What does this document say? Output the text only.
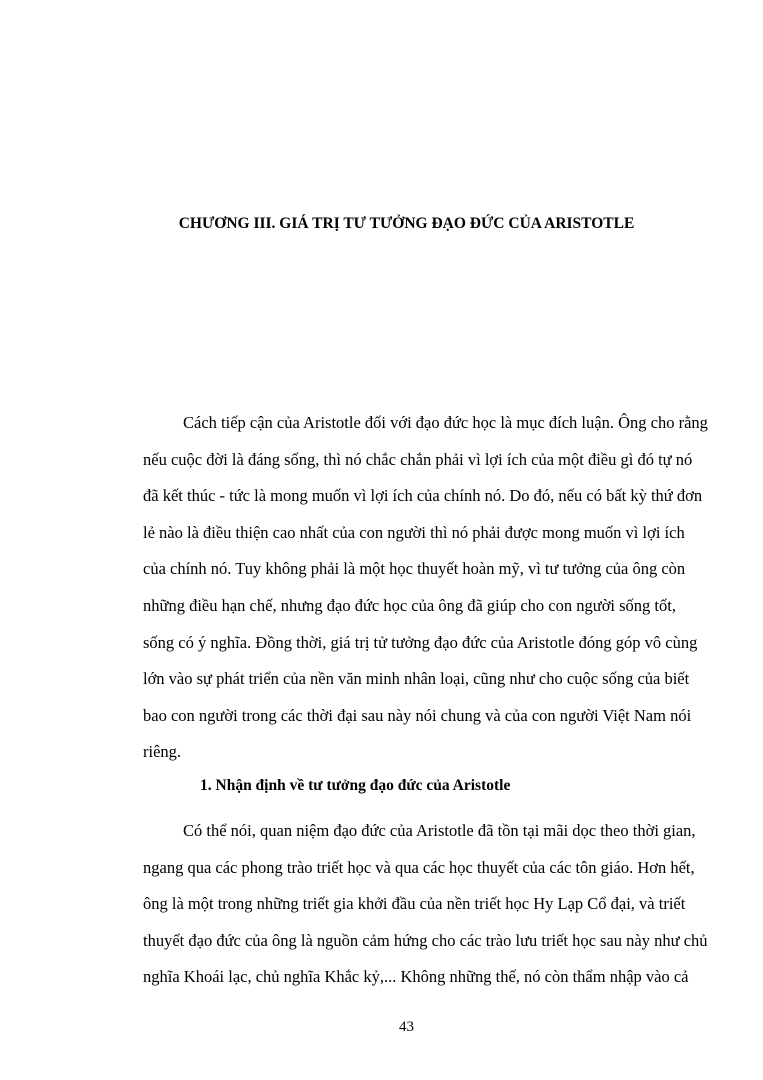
CHƯƠNG III. GIÁ TRỊ TƯ TƯỞNG ĐẠO ĐỨC CỦA ARISTOTLE
Cách tiếp cận của Aristotle đối với đạo đức học là mục đích luận. Ông cho rằng
nếu cuộc đời là đáng sống, thì nó chắc chắn phải vì lợi ích của một điều gì đó tự nó
đã kết thúc - tức là mong muốn vì lợi ích của chính nó. Do đó, nếu có bất kỳ thứ đơn
lẻ nào là điều thiện cao nhất của con người thì nó phải được mong muốn vì lợi ích
của chính nó. Tuy không phải là một học thuyết hoàn mỹ, vì tư tưởng của ông còn
những điều hạn chế, nhưng đạo đức học của ông đã giúp cho con người sống tốt,
sống có ý nghĩa. Đồng thời, giá trị tử tưởng đạo đức của Aristotle đóng góp vô cùng
lớn vào sự phát triển của nền văn minh nhân loại, cũng như cho cuộc sống của biết
bao con người trong các thời đại sau này nói chung và của con người Việt Nam nói
riêng.
1. Nhận định về tư tưởng đạo đức của Aristotle
Có thể nói, quan niệm đạo đức của Aristotle đã tồn tại mãi dọc theo thời gian,
ngang qua các phong trào triết học và qua các học thuyết của các tôn giáo. Hơn hết,
ông là một trong những triết gia khởi đầu của nền triết học Hy Lạp Cổ đại, và triết
thuyết đạo đức của ông là nguồn cảm hứng cho các trào lưu triết học sau này như chủ
nghĩa Khoái lạc, chủ nghĩa Khắc kỷ,... Không những thế, nó còn thẩm nhập vào cả
43
